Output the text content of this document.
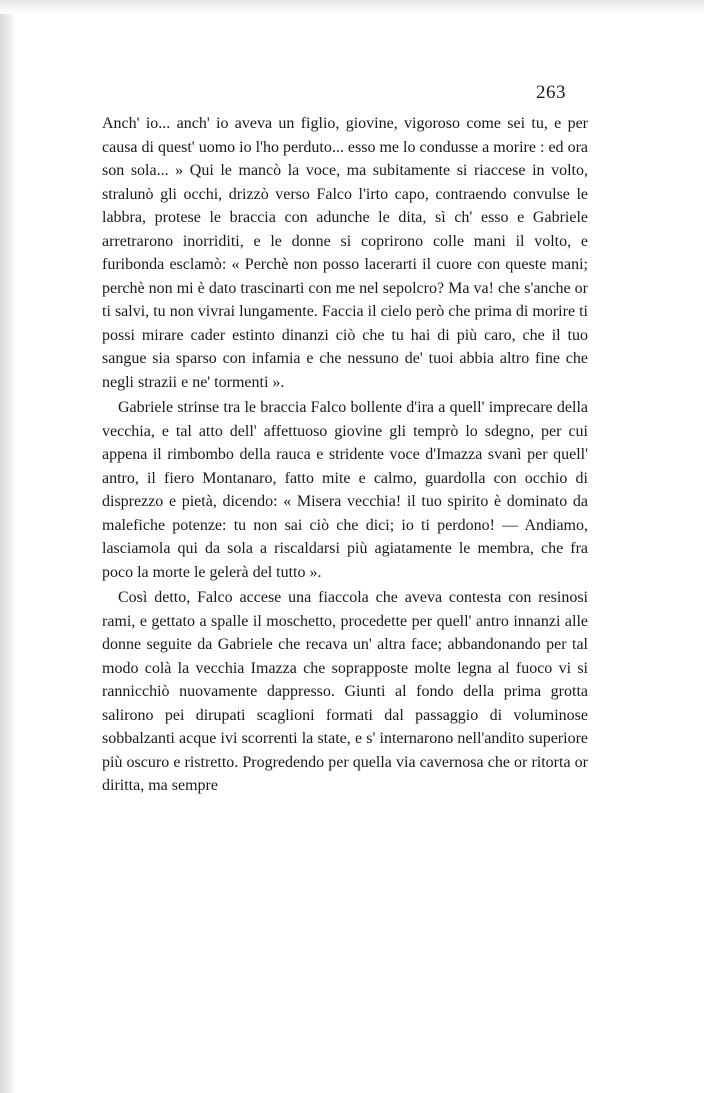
263

Anch' io... anch' io aveva un figlio, giovine, vigoroso come sei tu, e per causa di quest' uomo io l'ho perduto... esso me lo condusse a morire : ed ora son sola... » Qui le mancò la voce, ma subitamente si riaccese in volto, stralunò gli occhi, drizzò verso Falco l'irto capo, contraendo convulse le labbra, protese le braccia con adunche le dita, sì ch' esso e Gabriele arretrarono inorriditi, e le donne si coprirono colle mani il volto, e furibonda esclamò: « Perchè non posso lacerarti il cuore con queste mani; perchè non mi è dato trascinarti con me nel sepolcro? Ma va! che s'anche or ti salvi, tu non vivrai lungamente. Faccia il cielo però che prima di morire ti possi mirare cader estinto dinanzi ciò che tu hai di più caro, che il tuo sangue sia sparso con infamia e che nessuno de' tuoi abbia altro fine che negli strazii e ne' tormenti ».

Gabriele strinse tra le braccia Falco bollente d'ira a quell' imprecare della vecchia, e tal atto dell' affettuoso giovine gli temprò lo sdegno, per cui appena il rimbombo della rauca e stridente voce d'Imazza svanì per quell' antro, il fiero Montanaro, fatto mite e calmo, guardolla con occhio di disprezzo e pietà, dicendo: « Misera vecchia! il tuo spirito è dominato da malefiche potenze: tu non sai ciò che dici; io ti perdono! — Andiamo, lasciamola qui da sola a riscaldarsi più agiatamente le membra, che fra poco la morte le gelerà del tutto ».

Così detto, Falco accese una fiaccola che aveva contesta con resinosi rami, e gettato a spalle il moschetto, procedette per quell' antro innanzi alle donne seguite da Gabriele che recava un' altra face; abbandonando per tal modo colà la vecchia Imazza che soprapposte molte legna al fuoco vi si rannicchiò nuovamente dappresso. Giunti al fondo della prima grotta salirono pei dirupati scaglioni formati dal passaggio di voluminose sobbalzanti acque ivi scorrenti la state, e s' internarono nell'andito superiore più oscuro e ristretto. Progredendo per quella via cavernosa che or ritorta or diritta, ma sempre
